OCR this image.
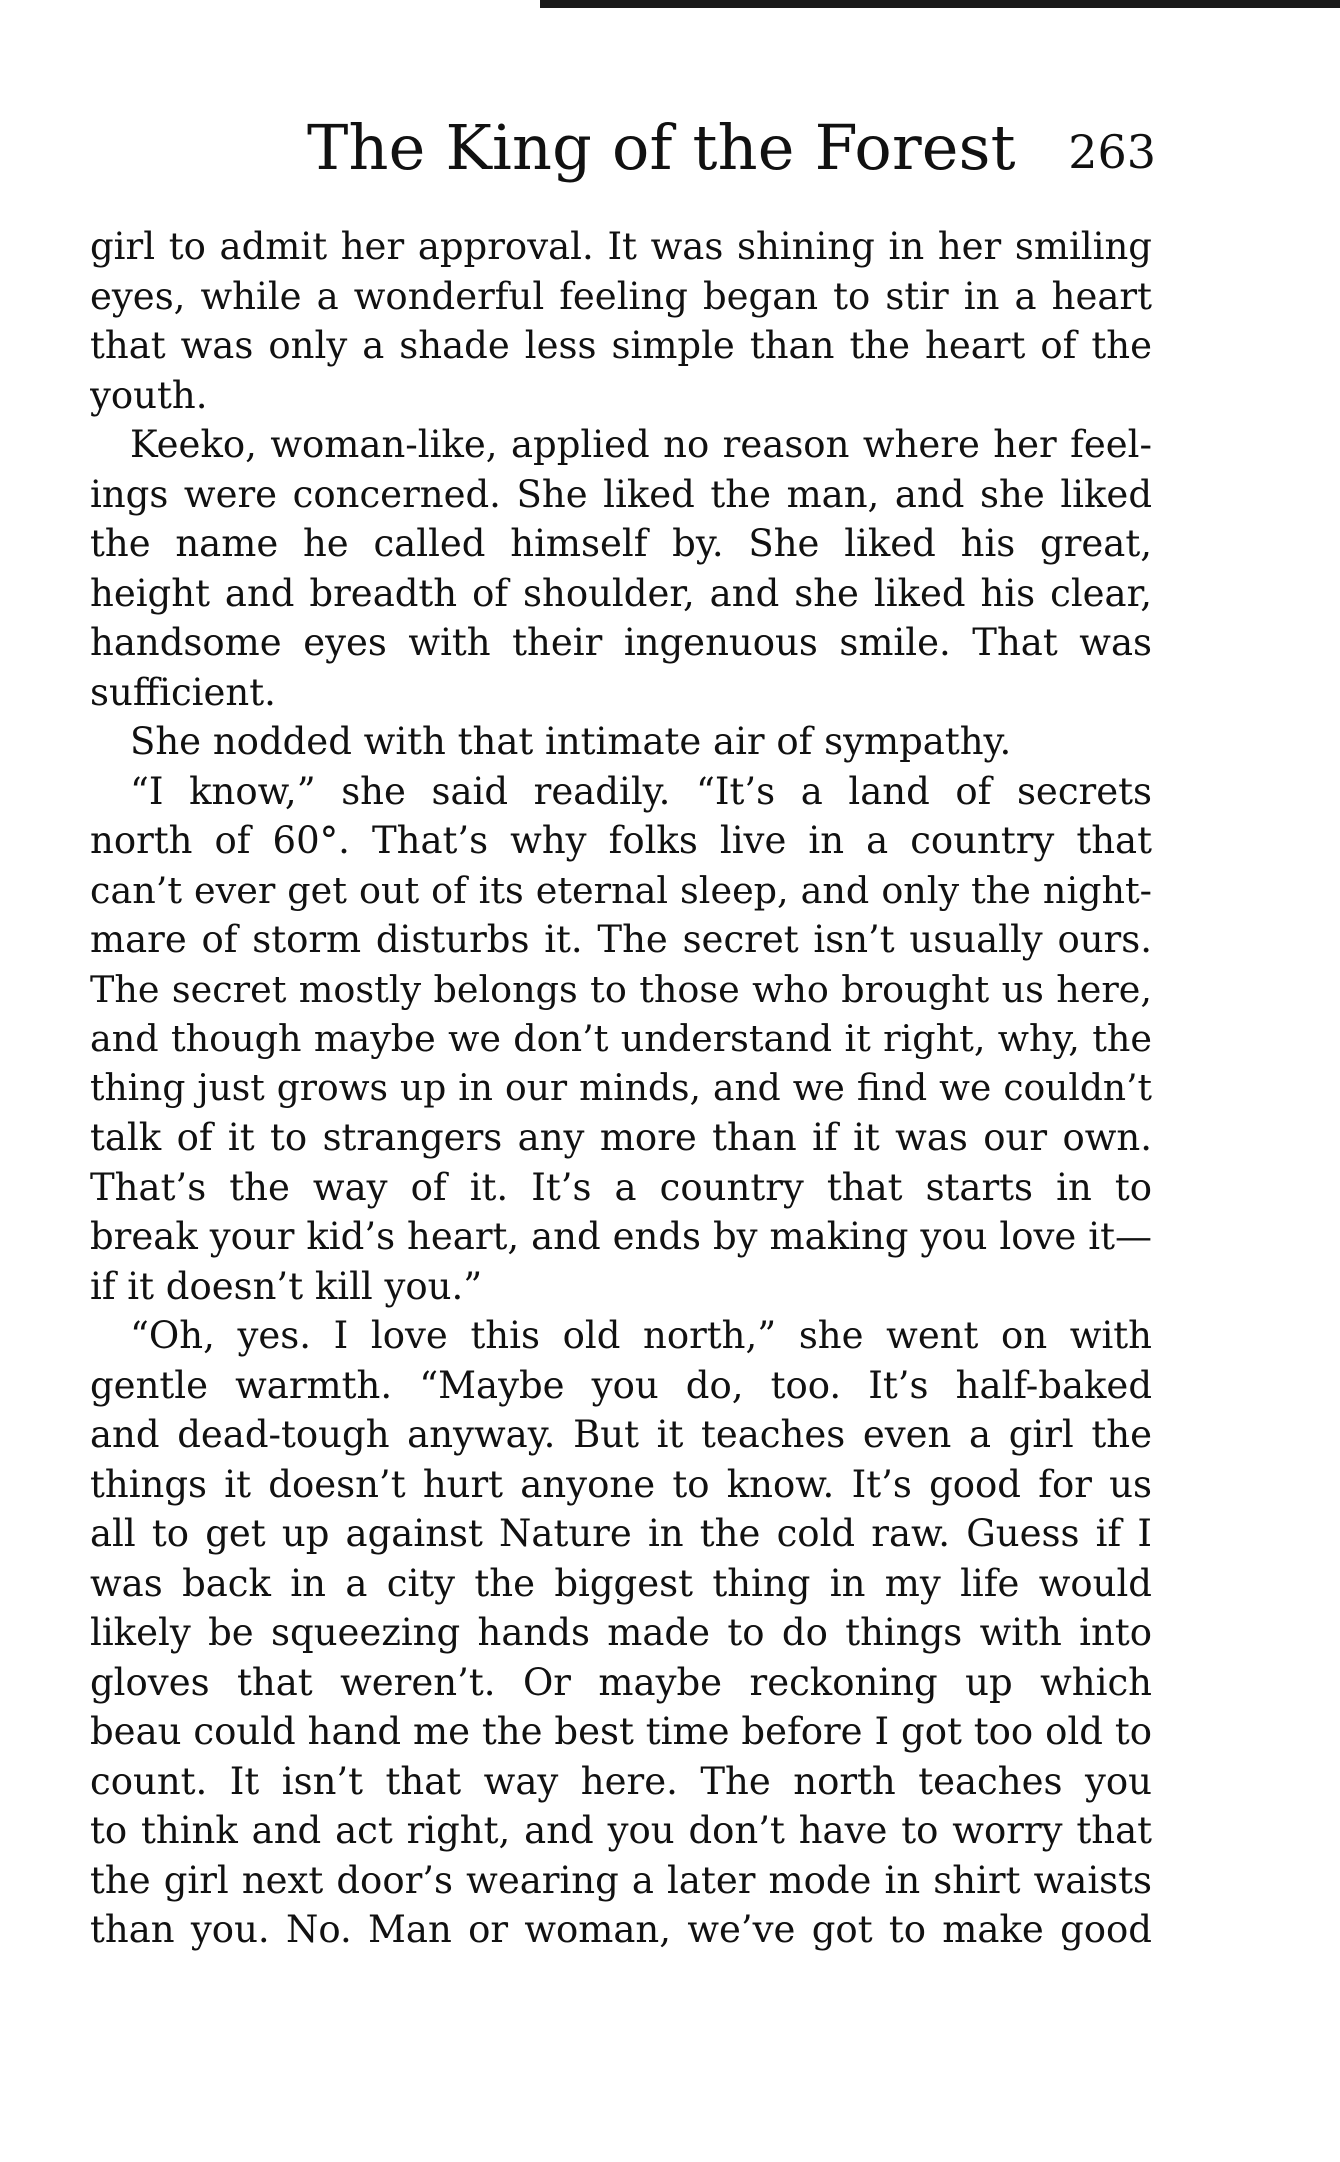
The King of the Forest 263
girl to admit her approval. It was shining in her smiling
eyes, while a wonderful feeling began to stir in a heart
that was only a shade less simple than the heart of the
youth.
Keeko, woman-like, applied no reason where her feel-
ings were concerned. She liked the man, and she liked
the name he called himself by. She liked his great,
height and breadth of shoulder, and she liked his clear,
handsome eyes with their ingenuous smile. That was
sufficient.
She nodded with that intimate air of sympathy.
“I know,” she said readily. “It’s a land of secrets
north of 60°. That’s why folks live in a country that
can’t ever get out of its eternal sleep, and only the night-
mare of storm disturbs it. The secret isn’t usually ours.
The secret mostly belongs to those who brought us here,
and though maybe we don’t understand it right, why, the
thing just grows up in our minds, and we find we couldn’t
talk of it to strangers any more than if it was our own.
That’s the way of it. It’s a country that starts in to
break your kid’s heart, and ends by making you love it—
if it doesn’t kill you.”
“Oh, yes. I love this old north,” she went on with
gentle warmth. “Maybe you do, too. It’s half-baked
and dead-tough anyway. But it teaches even a girl the
things it doesn’t hurt anyone to know. It’s good for us
all to get up against Nature in the cold raw. Guess if I
was back in a city the biggest thing in my life would
likely be squeezing hands made to do things with into
gloves that weren’t. Or maybe reckoning up which
beau could hand me the best time before I got too old to
count. It isn’t that way here. The north teaches you
to think and act right, and you don’t have to worry that
the girl next door’s wearing a later mode in shirt waists
than you. No. Man or woman, we’ve got to make good
